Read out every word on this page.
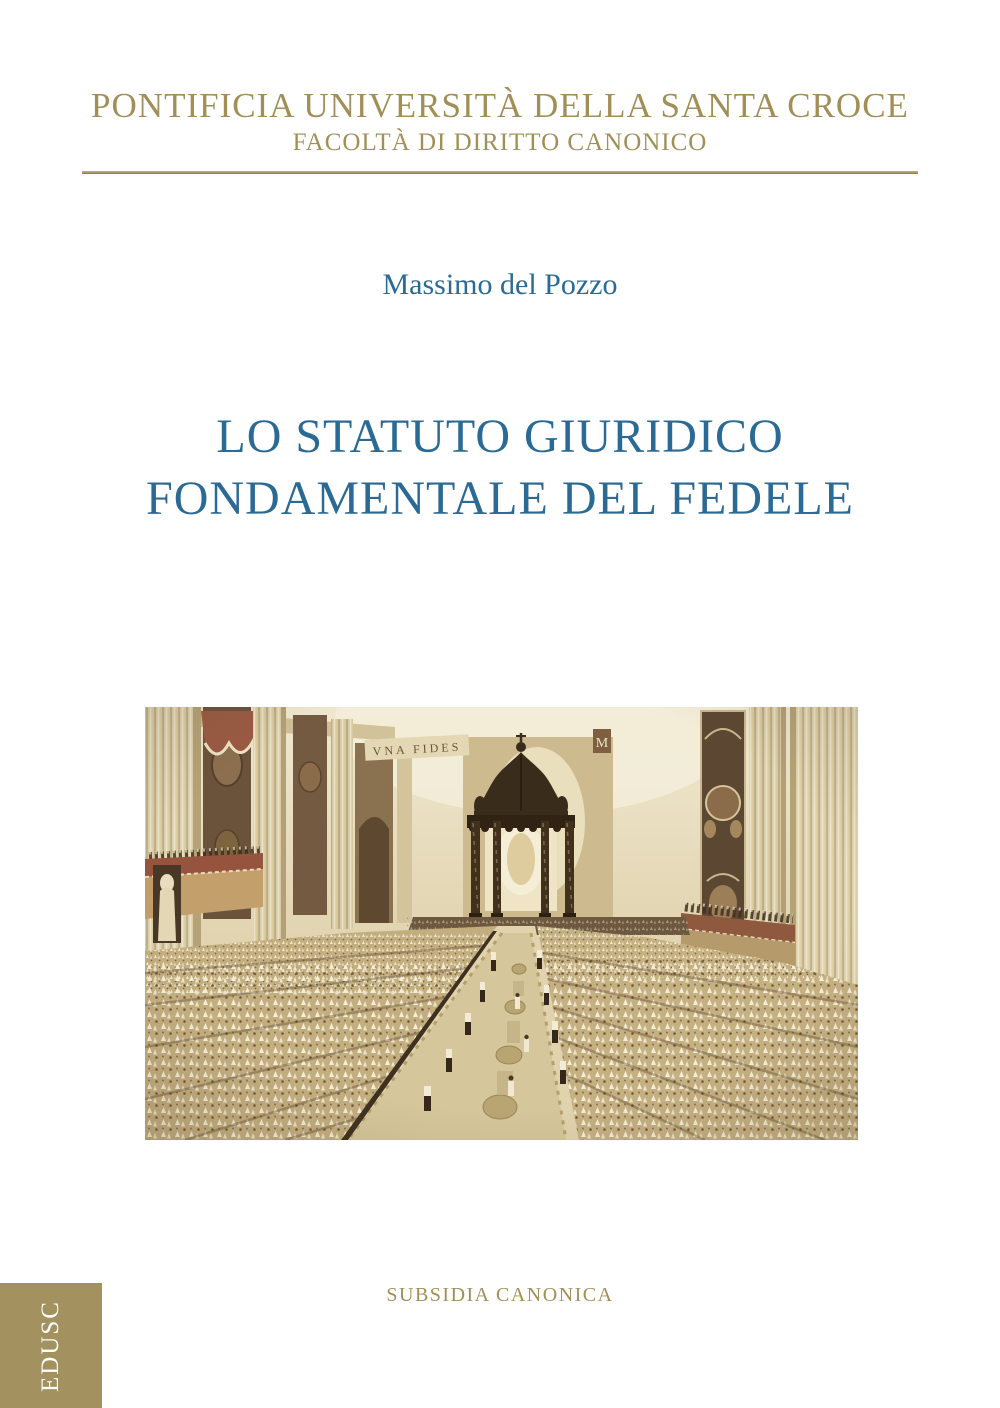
PONTIFICIA UNIVERSITÀ DELLA SANTA CROCE
FACOLTÀ DI DIRITTO CANONICO
Massimo del Pozzo
LO STATUTO GIURIDICO
FONDAMENTALE DEL FEDELE
SUBSIDIA CANONICA
EDUSC
